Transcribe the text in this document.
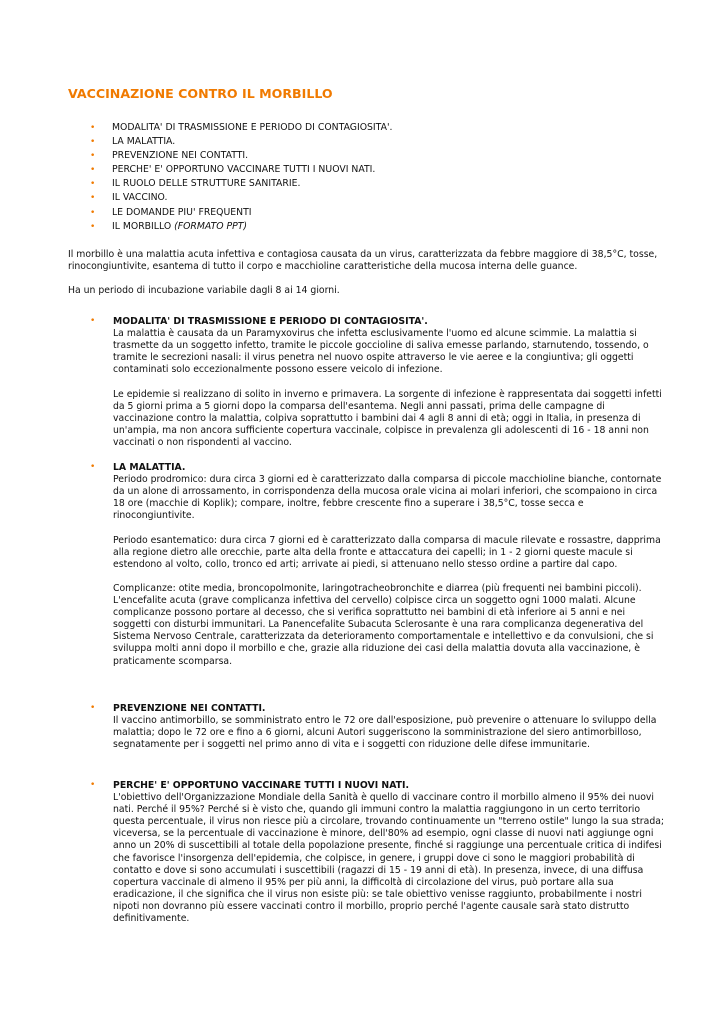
VACCINAZIONE CONTRO IL MORBILLO
• MODALITA' DI TRASMISSIONE E PERIODO DI CONTAGIOSITA'.
• LA MALATTIA.
• PREVENZIONE NEI CONTATTI.
• PERCHE' E' OPPORTUNO VACCINARE TUTTI I NUOVI NATI.
• IL RUOLO DELLE STRUTTURE SANITARIE.
• IL VACCINO.
• LE DOMANDE PIU' FREQUENTI
• IL MORBILLO (FORMATO PPT)

Il morbillo è una malattia acuta infettiva e contagiosa causata da un virus, caratterizzata da febbre maggiore di 38,5°C, tosse, rinocongiuntivite, esantema di tutto il corpo e macchioline caratteristiche della mucosa interna delle guance.

Ha un periodo di incubazione variabile dagli 8 ai 14 giorni.

• MODALITA' DI TRASMISSIONE E PERIODO DI CONTAGIOSITA'.

La malattia è causata da un Paramyxovirus che infetta esclusivamente l'uomo ed alcune scimmie. La malattia si trasmette da un soggetto infetto, tramite le piccole goccioline di saliva emesse parlando, starnutendo, tossendo, o tramite le secrezioni nasali: il virus penetra nel nuovo ospite attraverso le vie aeree e la congiuntiva; gli oggetti contaminati solo eccezionalmente possono essere veicolo di infezione.

Le epidemie si realizzano di solito in inverno e primavera. La sorgente di infezione è rappresentata dai soggetti infetti da 5 giorni prima a 5 giorni dopo la comparsa dell'esantema. Negli anni passati, prima delle campagne di vaccinazione contro la malattia, colpiva soprattutto i bambini dai 4 agli 8 anni di età; oggi in Italia, in presenza di un'ampia, ma non ancora sufficiente copertura vaccinale, colpisce in prevalenza gli adolescenti di 16 - 18 anni non vaccinati o non rispondenti al vaccino.

• LA MALATTIA.

Periodo prodromico: dura circa 3 giorni ed è caratterizzato dalla comparsa di piccole macchioline bianche, contornate da un alone di arrossamento, in corrispondenza della mucosa orale vicina ai molari inferiori, che scompaiono in circa 18 ore (macchie di Koplik); compare, inoltre, febbre crescente fino a superare i 38,5°C, tosse secca e rinocongiuntivite.

Periodo esantematico: dura circa 7 giorni ed è caratterizzato dalla comparsa di macule rilevate e rossastre, dapprima alla regione dietro alle orecchie, parte alta della fronte e attaccatura dei capelli; in 1 - 2 giorni queste macule si estendono al volto, collo, tronco ed arti; arrivate ai piedi, si attenuano nello stesso ordine a partire dal capo.

Complicanze: otite media, broncopolmonite, laringotracheobronchite e diarrea (più frequenti nei bambini piccoli). L'encefalite acuta (grave complicanza infettiva del cervello) colpisce circa un soggetto ogni 1000 malati. Alcune complicanze possono portare al decesso, che si verifica soprattutto nei bambini di età inferiore ai 5 anni e nei soggetti con disturbi immunitari. La Panencefalite Subacuta Sclerosante è una rara complicanza degenerativa del Sistema Nervoso Centrale, caratterizzata da deterioramento comportamentale e intellettivo e da convulsioni, che si sviluppa molti anni dopo il morbillo e che, grazie alla riduzione dei casi della malattia dovuta alla vaccinazione, è praticamente scomparsa.

• PREVENZIONE NEI CONTATTI.

Il vaccino antimorbillo, se somministrato entro le 72 ore dall'esposizione, può prevenire o attenuare lo sviluppo della malattia; dopo le 72 ore e fino a 6 giorni, alcuni Autori suggeriscono la somministrazione del siero antimorbilloso, segnatamente per i soggetti nel primo anno di vita e i soggetti con riduzione delle difese immunitarie.

• PERCHE' E' OPPORTUNO VACCINARE TUTTI I NUOVI NATI.

L'obiettivo dell'Organizzazione Mondiale della Sanità è quello di vaccinare contro il morbillo almeno il 95% dei nuovi nati. Perché il 95%? Perché si è visto che, quando gli immuni contro la malattia raggiungono in un certo territorio questa percentuale, il virus non riesce più a circolare, trovando continuamente un "terreno ostile" lungo la sua strada; viceversa, se la percentuale di vaccinazione è minore, dell'80% ad esempio, ogni classe di nuovi nati aggiunge ogni anno un 20% di suscettibili al totale della popolazione presente, finché si raggiunge una percentuale critica di indifesi che favorisce l'insorgenza dell'epidemia, che colpisce, in genere, i gruppi dove ci sono le maggiori probabilità di contatto e dove si sono accumulati i suscettibili (ragazzi di 15 - 19 anni di età). In presenza, invece, di una diffusa copertura vaccinale di almeno il 95% per più anni, la difficoltà di circolazione del virus, può portare alla sua eradicazione, il che significa che il virus non esiste più: se tale obiettivo venisse raggiunto, probabilmente i nostri nipoti non dovranno più essere vaccinati contro il morbillo, proprio perché l'agente causale sarà stato distrutto definitivamente.
